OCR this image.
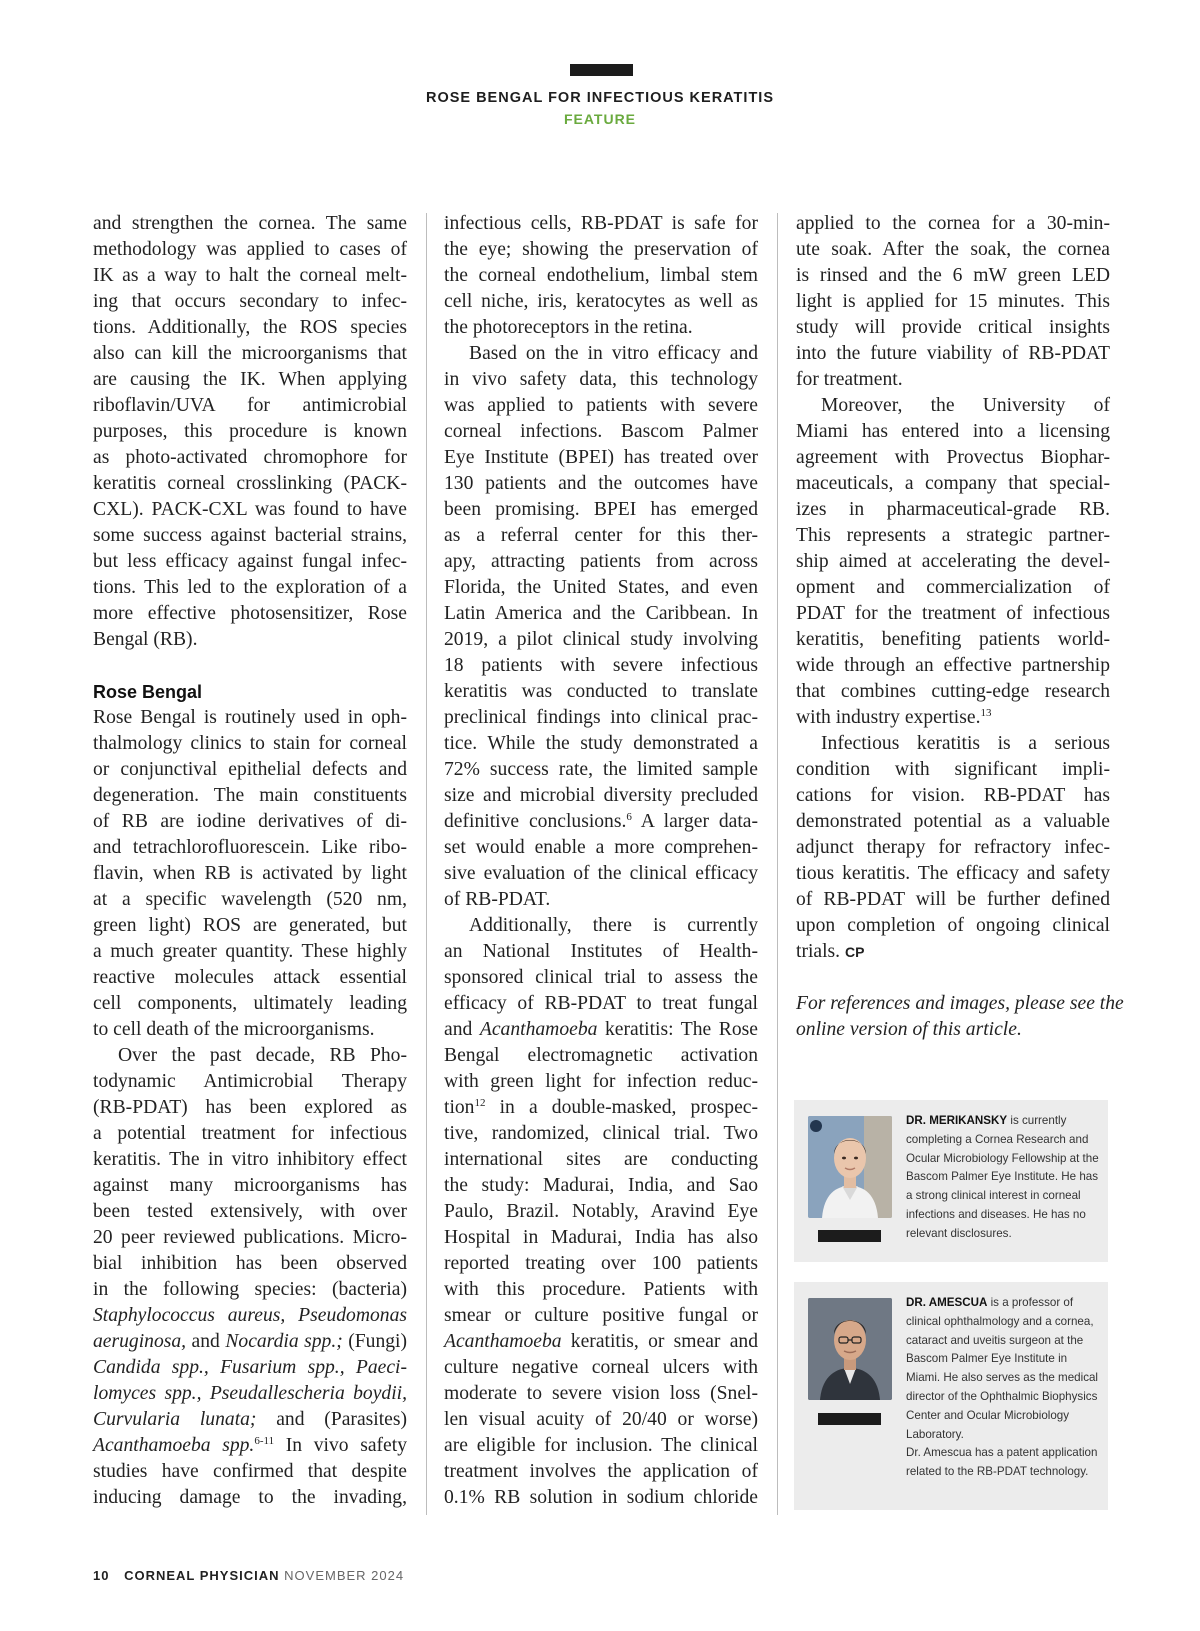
ROSE BENGAL FOR INFECTIOUS KERATITIS
FEATURE
and strengthen the cornea. The same
methodology was applied to cases of
IK as a way to halt the corneal melt-
ing that occurs secondary to infec-
tions. Additionally, the ROS species
also can kill the microorganisms that
are causing the IK. When applying
riboflavin/UVA for antimicrobial
purposes, this procedure is known
as photo-activated chromophore for
keratitis corneal crosslinking (PACK-
CXL). PACK-CXL was found to have
some success against bacterial strains,
but less efficacy against fungal infec-
tions. This led to the exploration of a
more effective photosensitizer, Rose
Bengal (RB).
Rose Bengal
Rose Bengal is routinely used in oph-
thalmology clinics to stain for corneal
or conjunctival epithelial defects and
degeneration. The main constituents
of RB are iodine derivatives of di-
and tetrachlorofluorescein. Like ribo-
flavin, when RB is activated by light
at a specific wavelength (520 nm,
green light) ROS are generated, but
a much greater quantity. These highly
reactive molecules attack essential
cell components, ultimately leading
to cell death of the microorganisms.
Over the past decade, RB Pho-
todynamic Antimicrobial Therapy
(RB-PDAT) has been explored as
a potential treatment for infectious
keratitis. The in vitro inhibitory effect
against many microorganisms has
been tested extensively, with over
20 peer reviewed publications. Micro-
bial inhibition has been observed
in the following species: (bacteria)
Staphylococcus aureus, Pseudomonas
aeruginosa, and Nocardia spp.; (Fungi)
Candida spp., Fusarium spp., Paeci-
lomyces spp., Pseudallescheria boydii,
Curvularia lunata; and (Parasites)
Acanthamoeba spp.$^{6-11}$ In vivo safety
studies have confirmed that despite
inducing damage to the invading,
infectious cells, RB-PDAT is safe for
the eye; showing the preservation of
the corneal endothelium, limbal stem
cell niche, iris, keratocytes as well as
the photoreceptors in the retina.
Based on the in vitro efficacy and
in vivo safety data, this technology
was applied to patients with severe
corneal infections. Bascom Palmer
Eye Institute (BPEI) has treated over
130 patients and the outcomes have
been promising. BPEI has emerged
as a referral center for this ther-
apy, attracting patients from across
Florida, the United States, and even
Latin America and the Caribbean. In
2019, a pilot clinical study involving
18 patients with severe infectious
keratitis was conducted to translate
preclinical findings into clinical prac-
tice. While the study demonstrated a
72% success rate, the limited sample
size and microbial diversity precluded
definitive conclusions.$^6$ A larger data-
set would enable a more comprehen-
sive evaluation of the clinical efficacy
of RB-PDAT.
Additionally, there is currently
an National Institutes of Health-
sponsored clinical trial to assess the
efficacy of RB-PDAT to treat fungal
and Acanthamoeba keratitis: The Rose
Bengal electromagnetic activation
with green light for infection reduc-
tion$^{12}$ in a double-masked, prospec-
tive, randomized, clinical trial. Two
international sites are conducting
the study: Madurai, India, and Sao
Paulo, Brazil. Notably, Aravind Eye
Hospital in Madurai, India has also
reported treating over 100 patients
with this procedure. Patients with
smear or culture positive fungal or
Acanthamoeba keratitis, or smear and
culture negative corneal ulcers with
moderate to severe vision loss (Snel-
len visual acuity of 20/40 or worse)
are eligible for inclusion. The clinical
treatment involves the application of
0.1% RB solution in sodium chloride
applied to the cornea for a 30-min-
ute soak. After the soak, the cornea
is rinsed and the 6 mW green LED
light is applied for 15 minutes. This
study will provide critical insights
into the future viability of RB-PDAT
for treatment.
Moreover, the University of
Miami has entered into a licensing
agreement with Provectus Biophar-
maceuticals, a company that special-
izes in pharmaceutical-grade RB.
This represents a strategic partner-
ship aimed at accelerating the devel-
opment and commercialization of
PDAT for the treatment of infectious
keratitis, benefiting patients world-
wide through an effective partnership
that combines cutting-edge research
with industry expertise.$^{13}$
Infectious keratitis is a serious
condition with significant impli-
cations for vision. RB-PDAT has
demonstrated potential as a valuable
adjunct therapy for refractory infec-
tious keratitis. The efficacy and safety
of RB-PDAT will be further defined
upon completion of ongoing clinical
trials. CP
For references and images, please see the
online version of this article.
DR. MERIKANSKY is currently completing a Cornea Research and Ocular Microbiology Fellowship at the Bascom Palmer Eye Institute. He has a strong clinical interest in corneal infections and diseases. He has no relevant disclosures.
DR. AMESCUA is a professor of clinical ophthalmology and a cornea, cataract and uveitis surgeon at the Bascom Palmer Eye Institute in Miami. He also serves as the medical director of the Ophthalmic Biophysics Center and Ocular Microbiology Laboratory.
Dr. Amescua has a patent application related to the RB-PDAT technology.
10 CORNEAL PHYSICIAN NOVEMBER 2024
